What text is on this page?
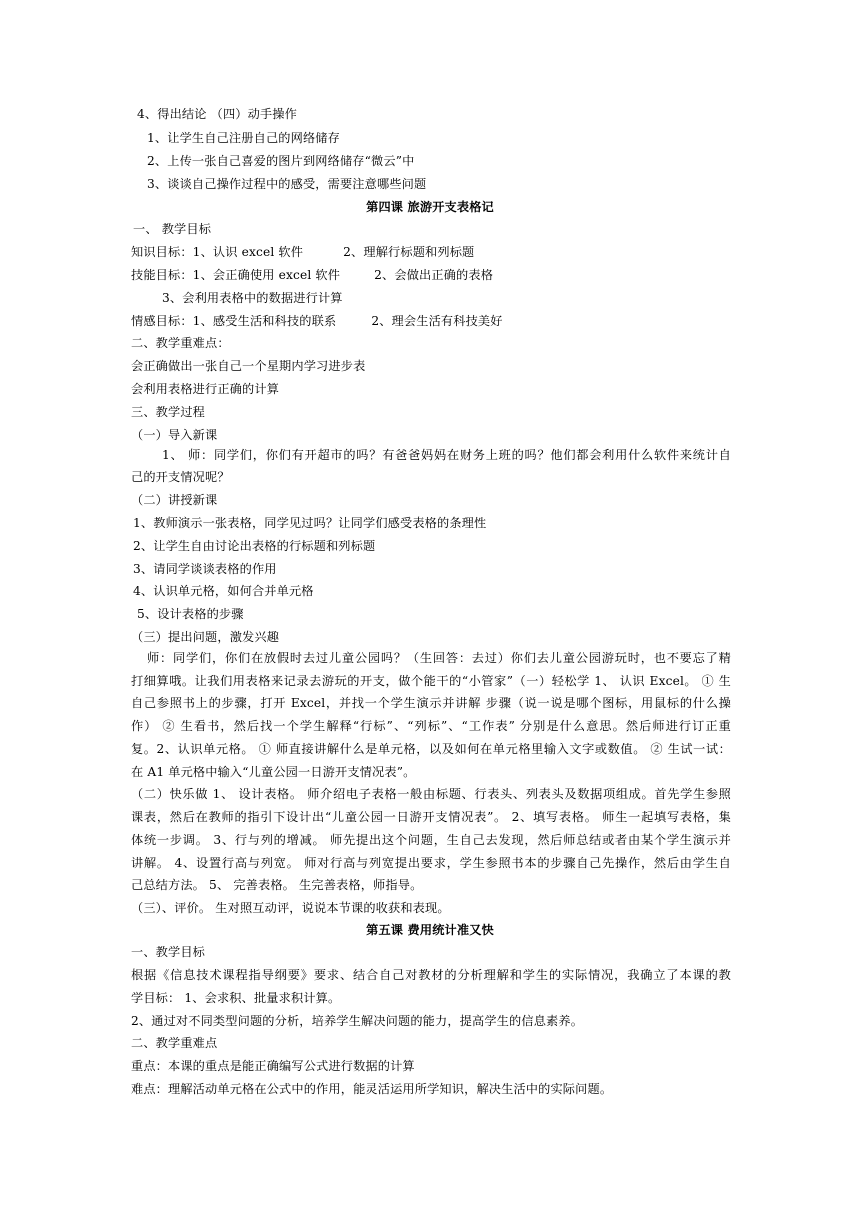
4、得出结论 （四）动手操作
1、让学生自己注册自己的网络储存
2、上传一张自己喜爱的图片到网络储存“微云”中
3、谈谈自己操作过程中的感受，需要注意哪些问题
第四课 旅游开支表格记
一、 教学目标
知识目标：1、认识 excel 软件	2、理解行标题和列标题
技能目标：1、会正确使用 excel 软件	2、会做出正确的表格
3、会利用表格中的数据进行计算
情感目标：1、感受生活和科技的联系	2、理会生活有科技美好
二、教学重难点：
会正确做出一张自己一个星期内学习进步表
会利用表格进行正确的计算
三、教学过程
（一）导入新课
1、 师：同学们，你们有开超市的吗？有爸爸妈妈在财务上班的吗？他们都会利用什么软件来统计自
己的开支情况呢？
（二）讲授新课
1、教师演示一张表格，同学见过吗？让同学们感受表格的条理性
2、让学生自由讨论出表格的行标题和列标题
3、请同学谈谈表格的作用
4、认识单元格，如何合并单元格
5、设计表格的步骤
（三）提出问题，激发兴趣
师：同学们，你们在放假时去过儿童公园吗？（生回答：去过）你们去儿童公园游玩时，也不要忘了精
打细算哦。让我们用表格来记录去游玩的开支，做个能干的“小管家”（一）轻松学 1、 认识 Excel。 ① 生
自己参照书上的步骤，打开 Excel，并找一个学生演示并讲解 步骤（说一说是哪个图标，用鼠标的什么操
作） ② 生看书，然后找一个学生解释“行标”、“列标”、“工作表” 分别是什么意思。然后师进行订正重
复。2、认识单元格。 ① 师直接讲解什么是单元格，以及如何在单元格里输入文字或数值。 ② 生试一试：
在 A1 单元格中输入“儿童公园一日游开支情况表”。
（二）快乐做 1、 设计表格。 师介绍电子表格一般由标题、行表头、列表头及数据项组成。首先学生参照
课表，然后在教师的指引下设计出“儿童公园一日游开支情况表”。 2、填写表格。 师生一起填写表格，集
体统一步调。 3、行与列的增减。 师先提出这个问题，生自己去发现，然后师总结或者由某个学生演示并
讲解。 4、设置行高与列宽。 师对行高与列宽提出要求，学生参照书本的步骤自己先操作，然后由学生自
己总结方法。 5、 完善表格。 生完善表格，师指导。
（三）、评价。 生对照互动评，说说本节课的收获和表现。
第五课 费用统计准又快
一、教学目标
根据《信息技术课程指导纲要》要求、结合自己对教材的分析理解和学生的实际情况，我确立了本课的教
学目标： 1、会求积、批量求积计算。
2、通过对不同类型问题的分析，培养学生解决问题的能力，提高学生的信息素养。
二、教学重难点
重点：本课的重点是能正确编写公式进行数据的计算
难点：理解活动单元格在公式中的作用，能灵活运用所学知识，解决生活中的实际问题。
